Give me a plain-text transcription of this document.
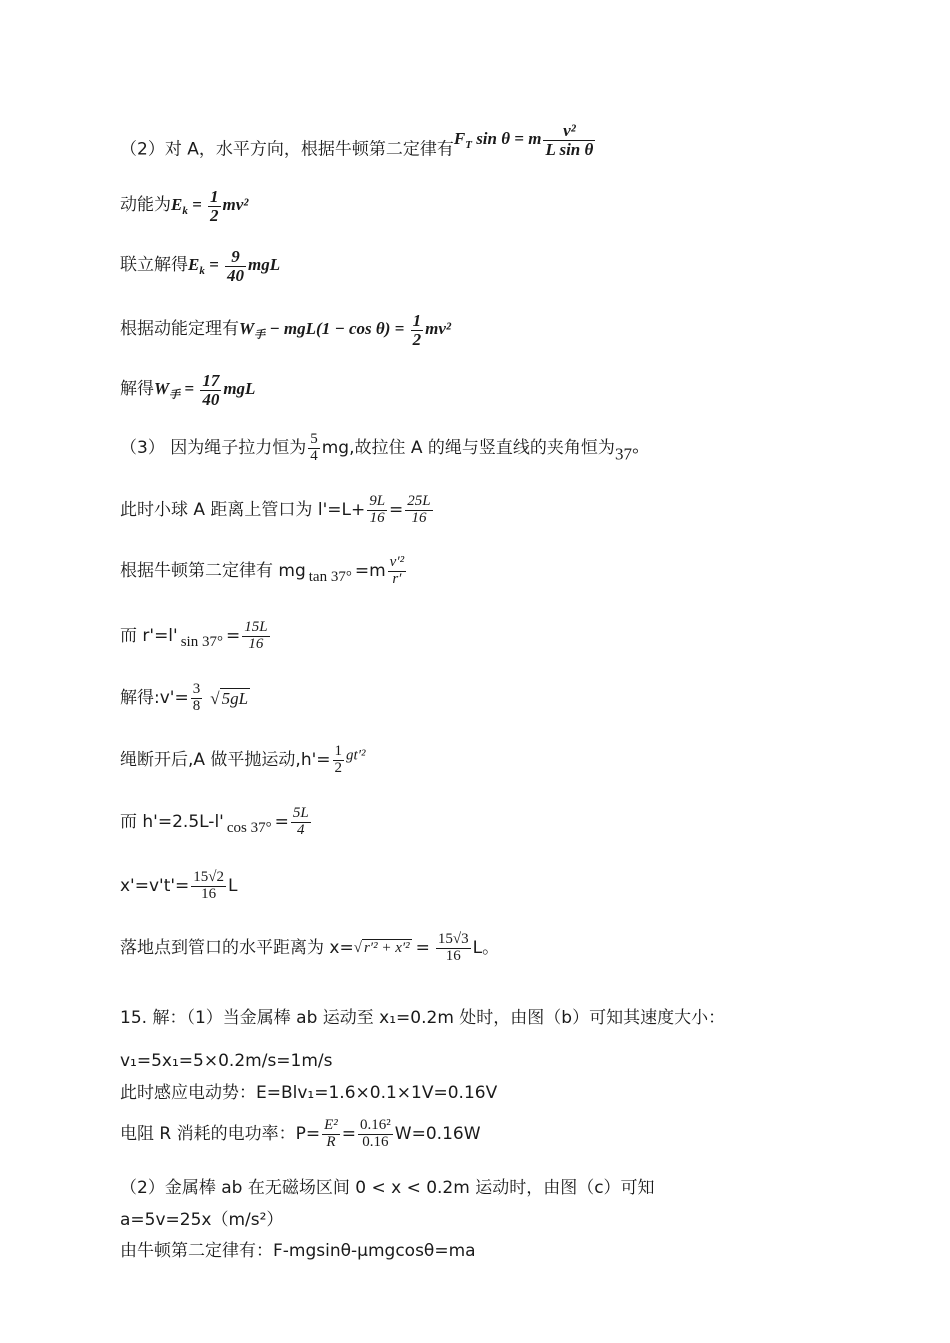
（2）对 A，水平方向，根据牛顿第二定律有$F_T$ sin θ = m $\frac{\text{v²}}{\text{L sin θ}}$
动能为$E_k = \frac{1}{2} mv^2$
联立解得$E_k = \frac{9}{40}$ mgL
根据动能定理有$W_手 - mgL(1 - \cos \theta) = \frac{1}{2} mv^2$
解得$W_手 = \frac{17}{40}$ mgL
（3） 因为绳子拉力恒为 $\frac{5}{4}$ mg,故拉住 A 的绳与竖直线的夹角恒为37°
此时小球 A 距离上管口为 $l'=L+ \frac{9L}{16} = \frac{25L}{16}$
根据牛顿第二定律有 mg $\tan 37^\circ =m \frac{\text{v′²}}{r'}$
而 r'=l' $\sin 37^\circ = \frac{15L}{16}$
解得:v'= $\frac{3}{8}$ √ 5gL
绳断开后,A 做平抛运动$,h'= \frac{1}{2} gt'^2$
而 h'=2.5L-l' $\cos 37^\circ = \frac{5L}{4}$
$x'=v't'= \frac{15√2}{16}$ L
落地点到管口的水平距离为 x=√ $r'^2 + x'^2 = \frac{15√3}{16}$ L。
15. 解：（1）当金属棒 ab 运动至 x₁=0.2m 处时，由图（b）可知其速度大小：
v₁=5x₁=5×0.2m/s=1m/s
此时感应电动势：E=Blv₁=1.6×0.1×1V=0.16V
电阻 R 消耗的电功率：$P= \frac{\text{E²}}{R} = \frac{\text{0.16²}}{0.16} W=0.16W$
（2）金属棒 ab 在无磁场区间 0 < x < 0.2m 运动时，由图（c）可知
a=5v=25x（m/s²）
由牛顿第二定律有：F-mgsinθ-μmgcosθ=ma
